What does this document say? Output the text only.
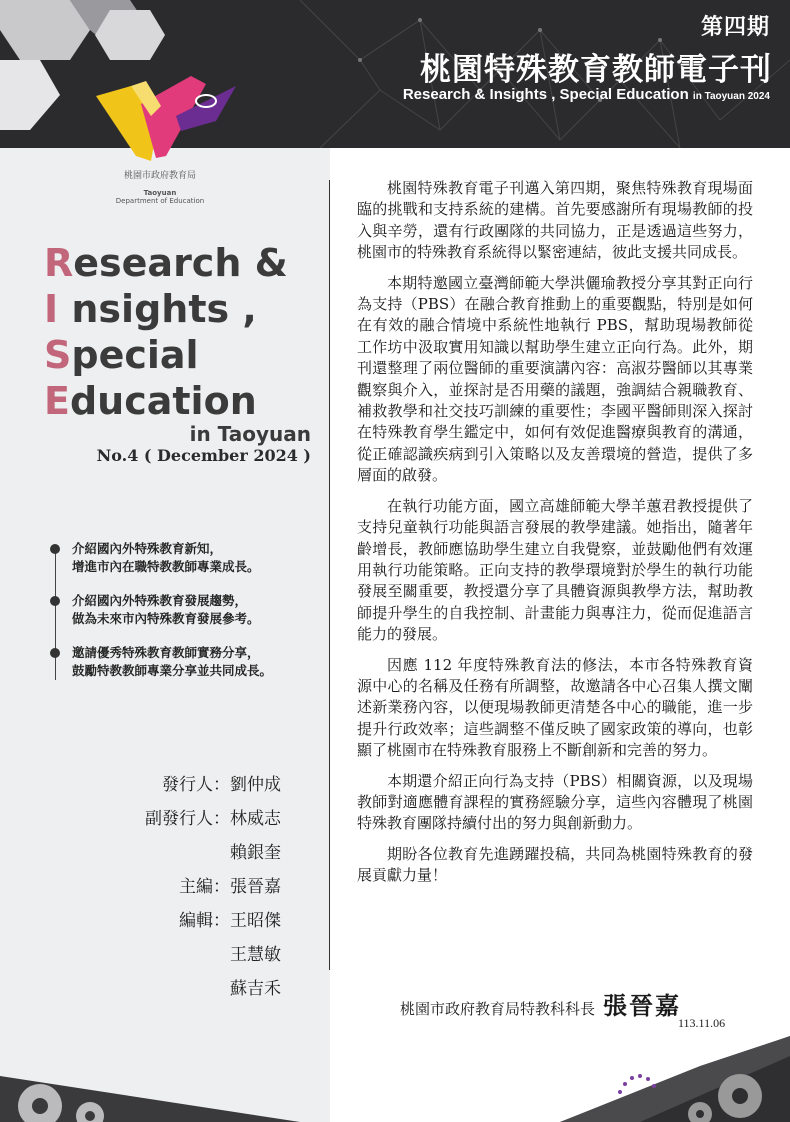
第四期
桃園特殊教育教師電子刊
Research & Insights , Special Education in Taoyuan 2024
桃園市政府教育局
Taoyuan
Department of Education
Research &
I nsights ,
Special
Education
in Taoyuan
No.4 ( December 2024 )
介紹國內外特殊教育新知，
增進市內在職特教教師專業成長。
介紹國內外特殊教育發展趨勢，
做為未來市內特殊教育發展參考。
邀請優秀特殊教育教師實務分享，
鼓勵特教教師專業分享並共同成長。
發行人： 劉仲成
副發行人： 林威志
賴銀奎
主編： 張晉嘉
編輯： 王昭傑
王慧敏
蘇吉禾

桃園特殊教育電子刊邁入第四期，聚焦特殊教育現場面臨的挑戰和支持系統的建構。首先要感謝所有現場教師的投入與辛勞，還有行政團隊的共同協力，正是透過這些努力，桃園市的特殊教育系統得以緊密連結，彼此支援共同成長。

本期特邀國立臺灣師範大學洪儷瑜教授分享其對正向行為支持（PBS）在融合教育推動上的重要觀點，特別是如何在有效的融合情境中系統性地執行 PBS，幫助現場教師從工作坊中汲取實用知識以幫助學生建立正向行為。此外，期刊還整理了兩位醫師的重要演講內容：高淑芬醫師以其專業觀察與介入，並探討是否用藥的議題，強調結合親職教育、補救教學和社交技巧訓練的重要性；李國平醫師則深入探討在特殊教育學生鑑定中，如何有效促進醫療與教育的溝通，從正確認識疾病到引入策略以及友善環境的營造，提供了多層面的啟發。

在執行功能方面，國立高雄師範大學羊蕙君教授提供了支持兒童執行功能與語言發展的教學建議。她指出，隨著年齡增長，教師應協助學生建立自我覺察，並鼓勵他們有效運用執行功能策略。正向支持的教學環境對於學生的執行功能發展至關重要，教授還分享了具體資源與教學方法，幫助教師提升學生的自我控制、計畫能力與專注力，從而促進語言能力的發展。

因應 112 年度特殊教育法的修法，本市各特殊教育資源中心的名稱及任務有所調整，故邀請各中心召集人撰文闡述新業務內容，以便現場教師更清楚各中心的職能，進一步提升行政效率；這些調整不僅反映了國家政策的導向，也彰顯了桃園市在特殊教育服務上不斷創新和完善的努力。

本期還介紹正向行為支持（PBS）相關資源，以及現場教師對適應體育課程的實務經驗分享，這些內容體現了桃園特殊教育團隊持續付出的努力與創新動力。

期盼各位教育先進踴躍投稿，共同為桃園特殊教育的發展貢獻力量！

桃園市政府教育局特教科科長 張晉嘉
113.11.06
